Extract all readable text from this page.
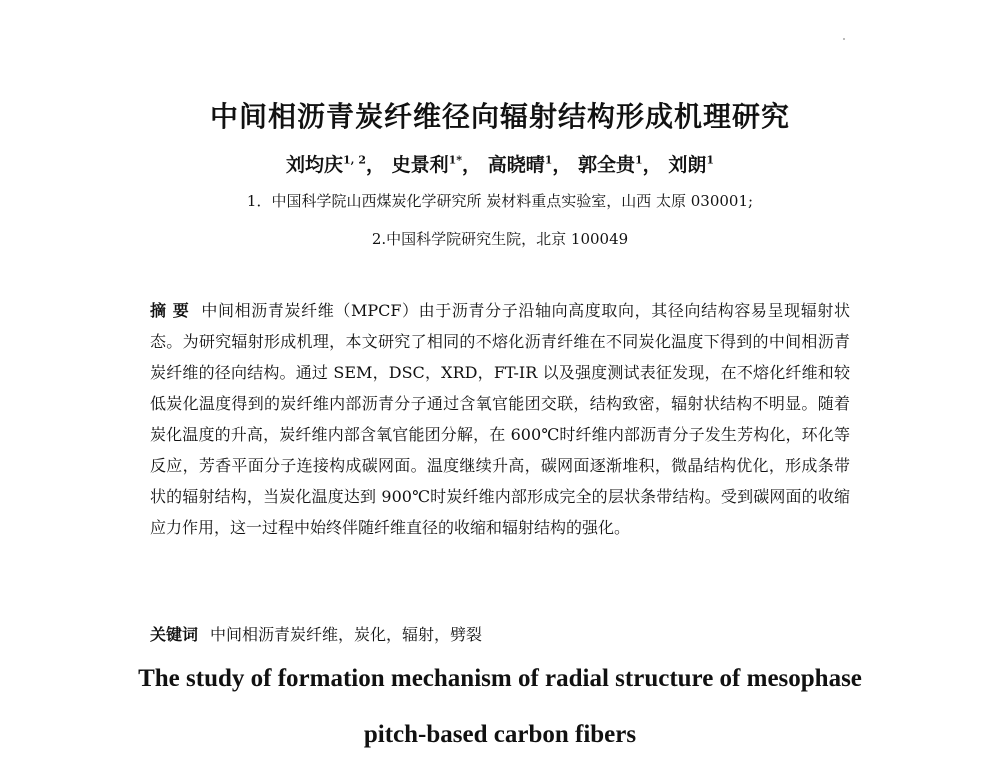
中间相沥青炭纤维径向辐射结构形成机理研究
刘均庆$^{1, 2}$， 史景利$^{1*}$， 高晓晴$^1$， 郭全贵$^1$， 刘朗$^1$
1．中国科学院山西煤炭化学研究所 炭材料重点实验室，山西 太原 030001;
2.中国科学院研究生院，北京 100049
摘 要 中间相沥青炭纤维（MPCF）由于沥青分子沿轴向高度取向，其径向结构容易呈现辐射状态。为研究辐射形成机理，本文研究了相同的不熔化沥青纤维在不同炭化温度下得到的中间相沥青炭纤维的径向结构。通过 SEM，DSC，XRD，FT-IR 以及强度测试表征发现，在不熔化纤维和较低炭化温度得到的炭纤维内部沥青分子通过含氧官能团交联，结构致密，辐射状结构不明显。随着炭化温度的升高，炭纤维内部含氧官能团分解，在 600℃时纤维内部沥青分子发生芳构化，环化等反应，芳香平面分子连接构成碳网面。温度继续升高，碳网面逐渐堆积，微晶结构优化，形成条带状的辐射结构，当炭化温度达到 900℃时炭纤维内部形成完全的层状条带结构。受到碳网面的收缩应力作用，这一过程中始终伴随纤维直径的收缩和辐射结构的强化。
关键词 中间相沥青炭纤维，炭化，辐射，劈裂
The study of formation mechanism of radial structure of mesophase
pitch-based carbon fibers
